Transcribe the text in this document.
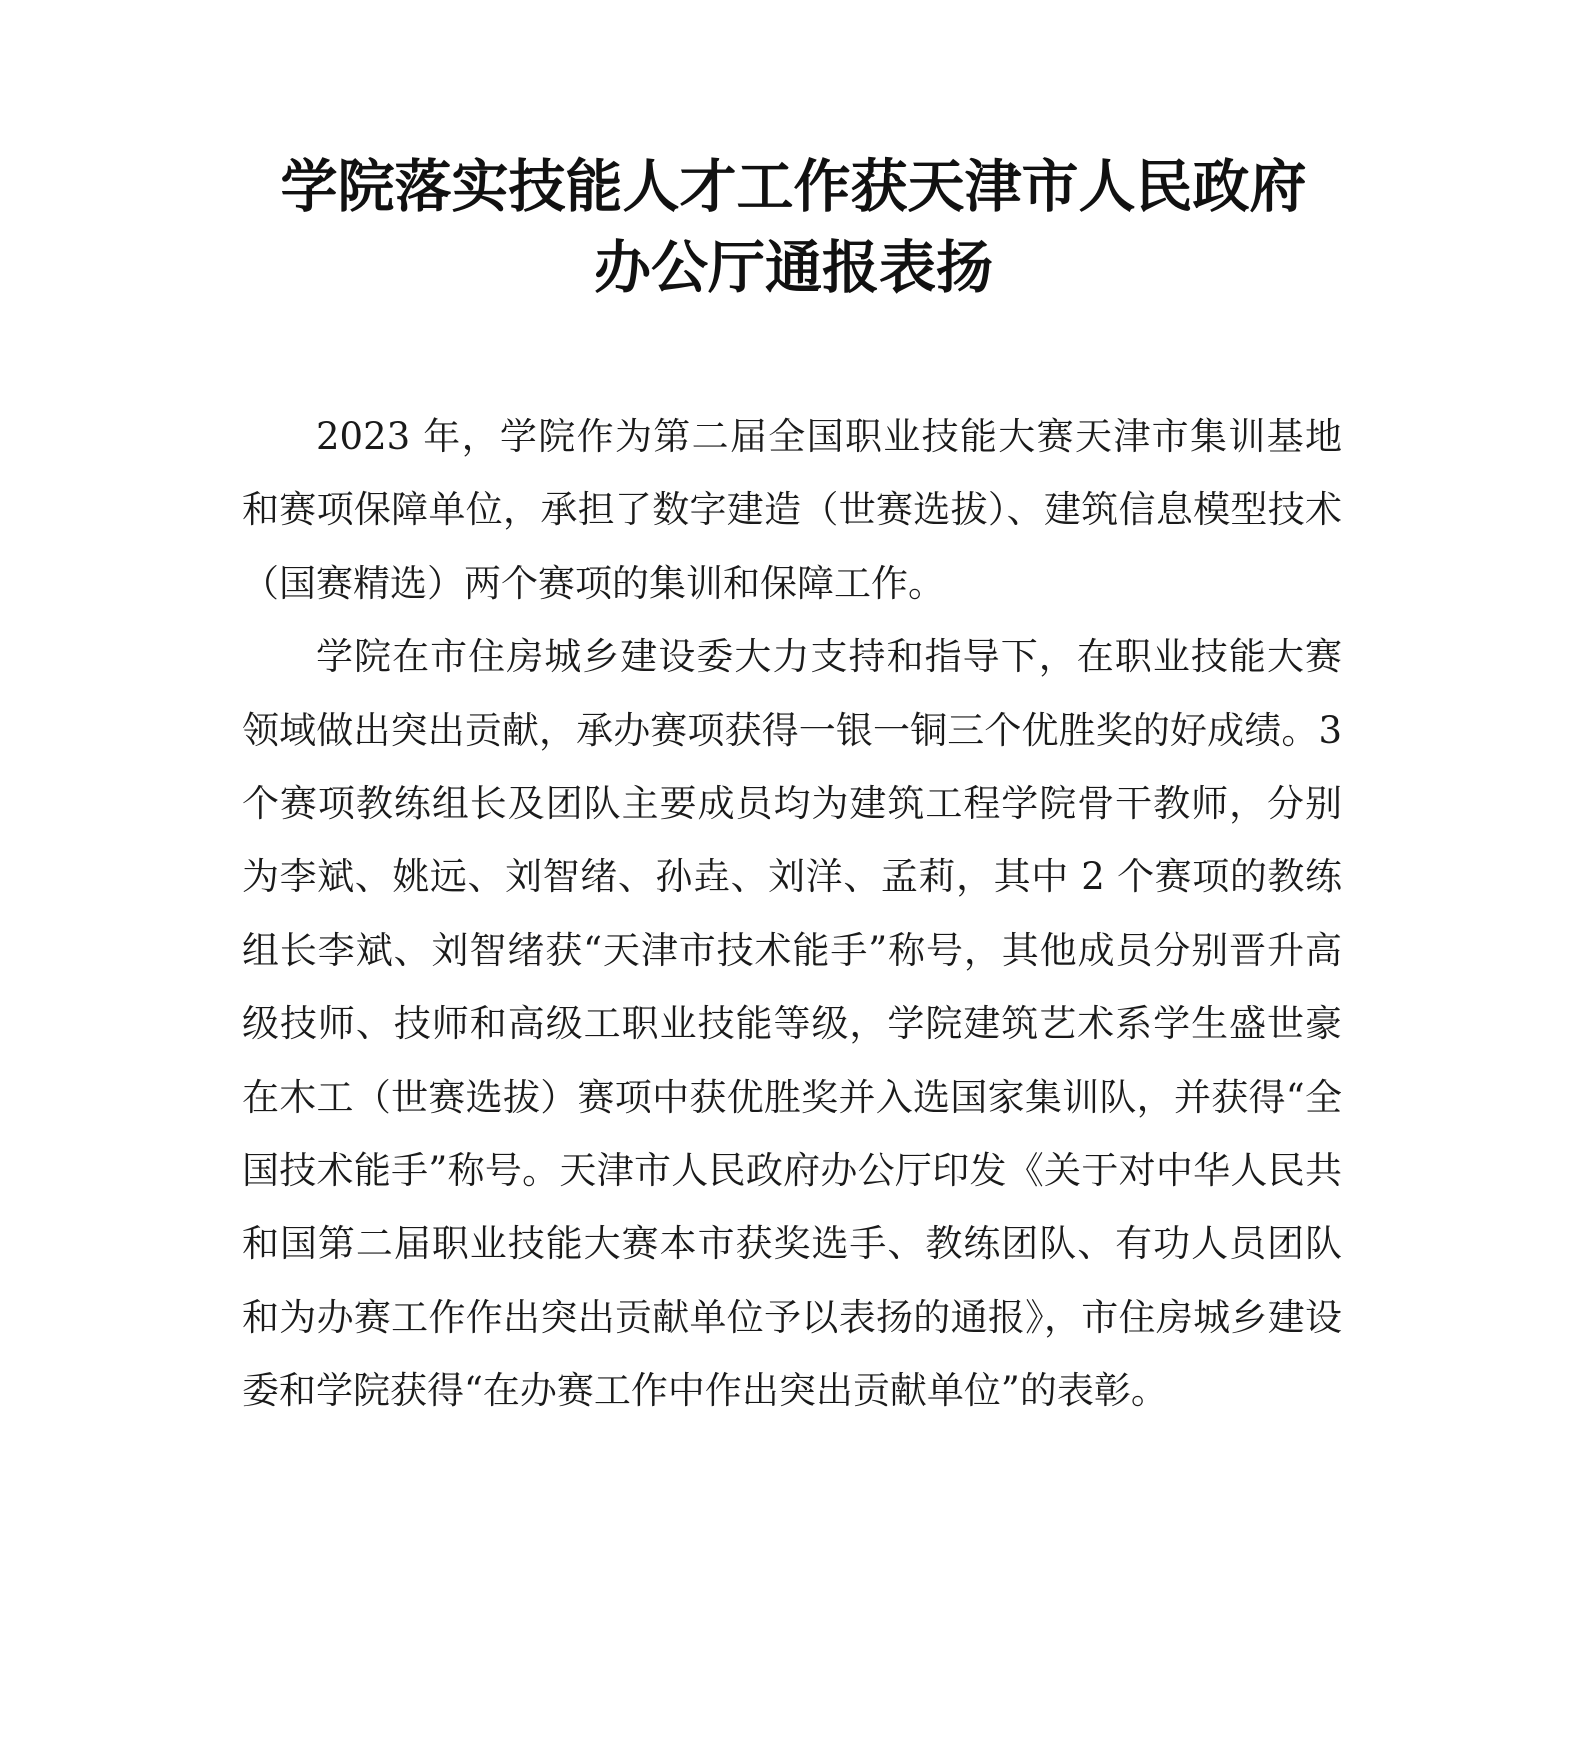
学院落实技能人才工作获天津市人民政府
办公厅通报表扬

2023 年，学院作为第二届全国职业技能大赛天津市集训基地和赛项保障单位，承担了数字建造（世赛选拔）、建筑信息模型技术（国赛精选）两个赛项的集训和保障工作。

学院在市住房城乡建设委大力支持和指导下，在职业技能大赛领域做出突出贡献，承办赛项获得一银一铜三个优胜奖的好成绩。3 个赛项教练组长及团队主要成员均为建筑工程学院骨干教师，分别为李斌、姚远、刘智绪、孙垚、刘洋、孟莉，其中 2 个赛项的教练组长李斌、刘智绪获“天津市技术能手”称号，其他成员分别晋升高级技师、技师和高级工职业技能等级，学院建筑艺术系学生盛世豪在木工（世赛选拔）赛项中获优胜奖并入选国家集训队，并获得“全国技术能手”称号。天津市人民政府办公厅印发《关于对中华人民共和国第二届职业技能大赛本市获奖选手、教练团队、有功人员团队和为办赛工作作出突出贡献单位予以表扬的通报》，市住房城乡建设委和学院获得“在办赛工作中作出突出贡献单位”的表彰。
